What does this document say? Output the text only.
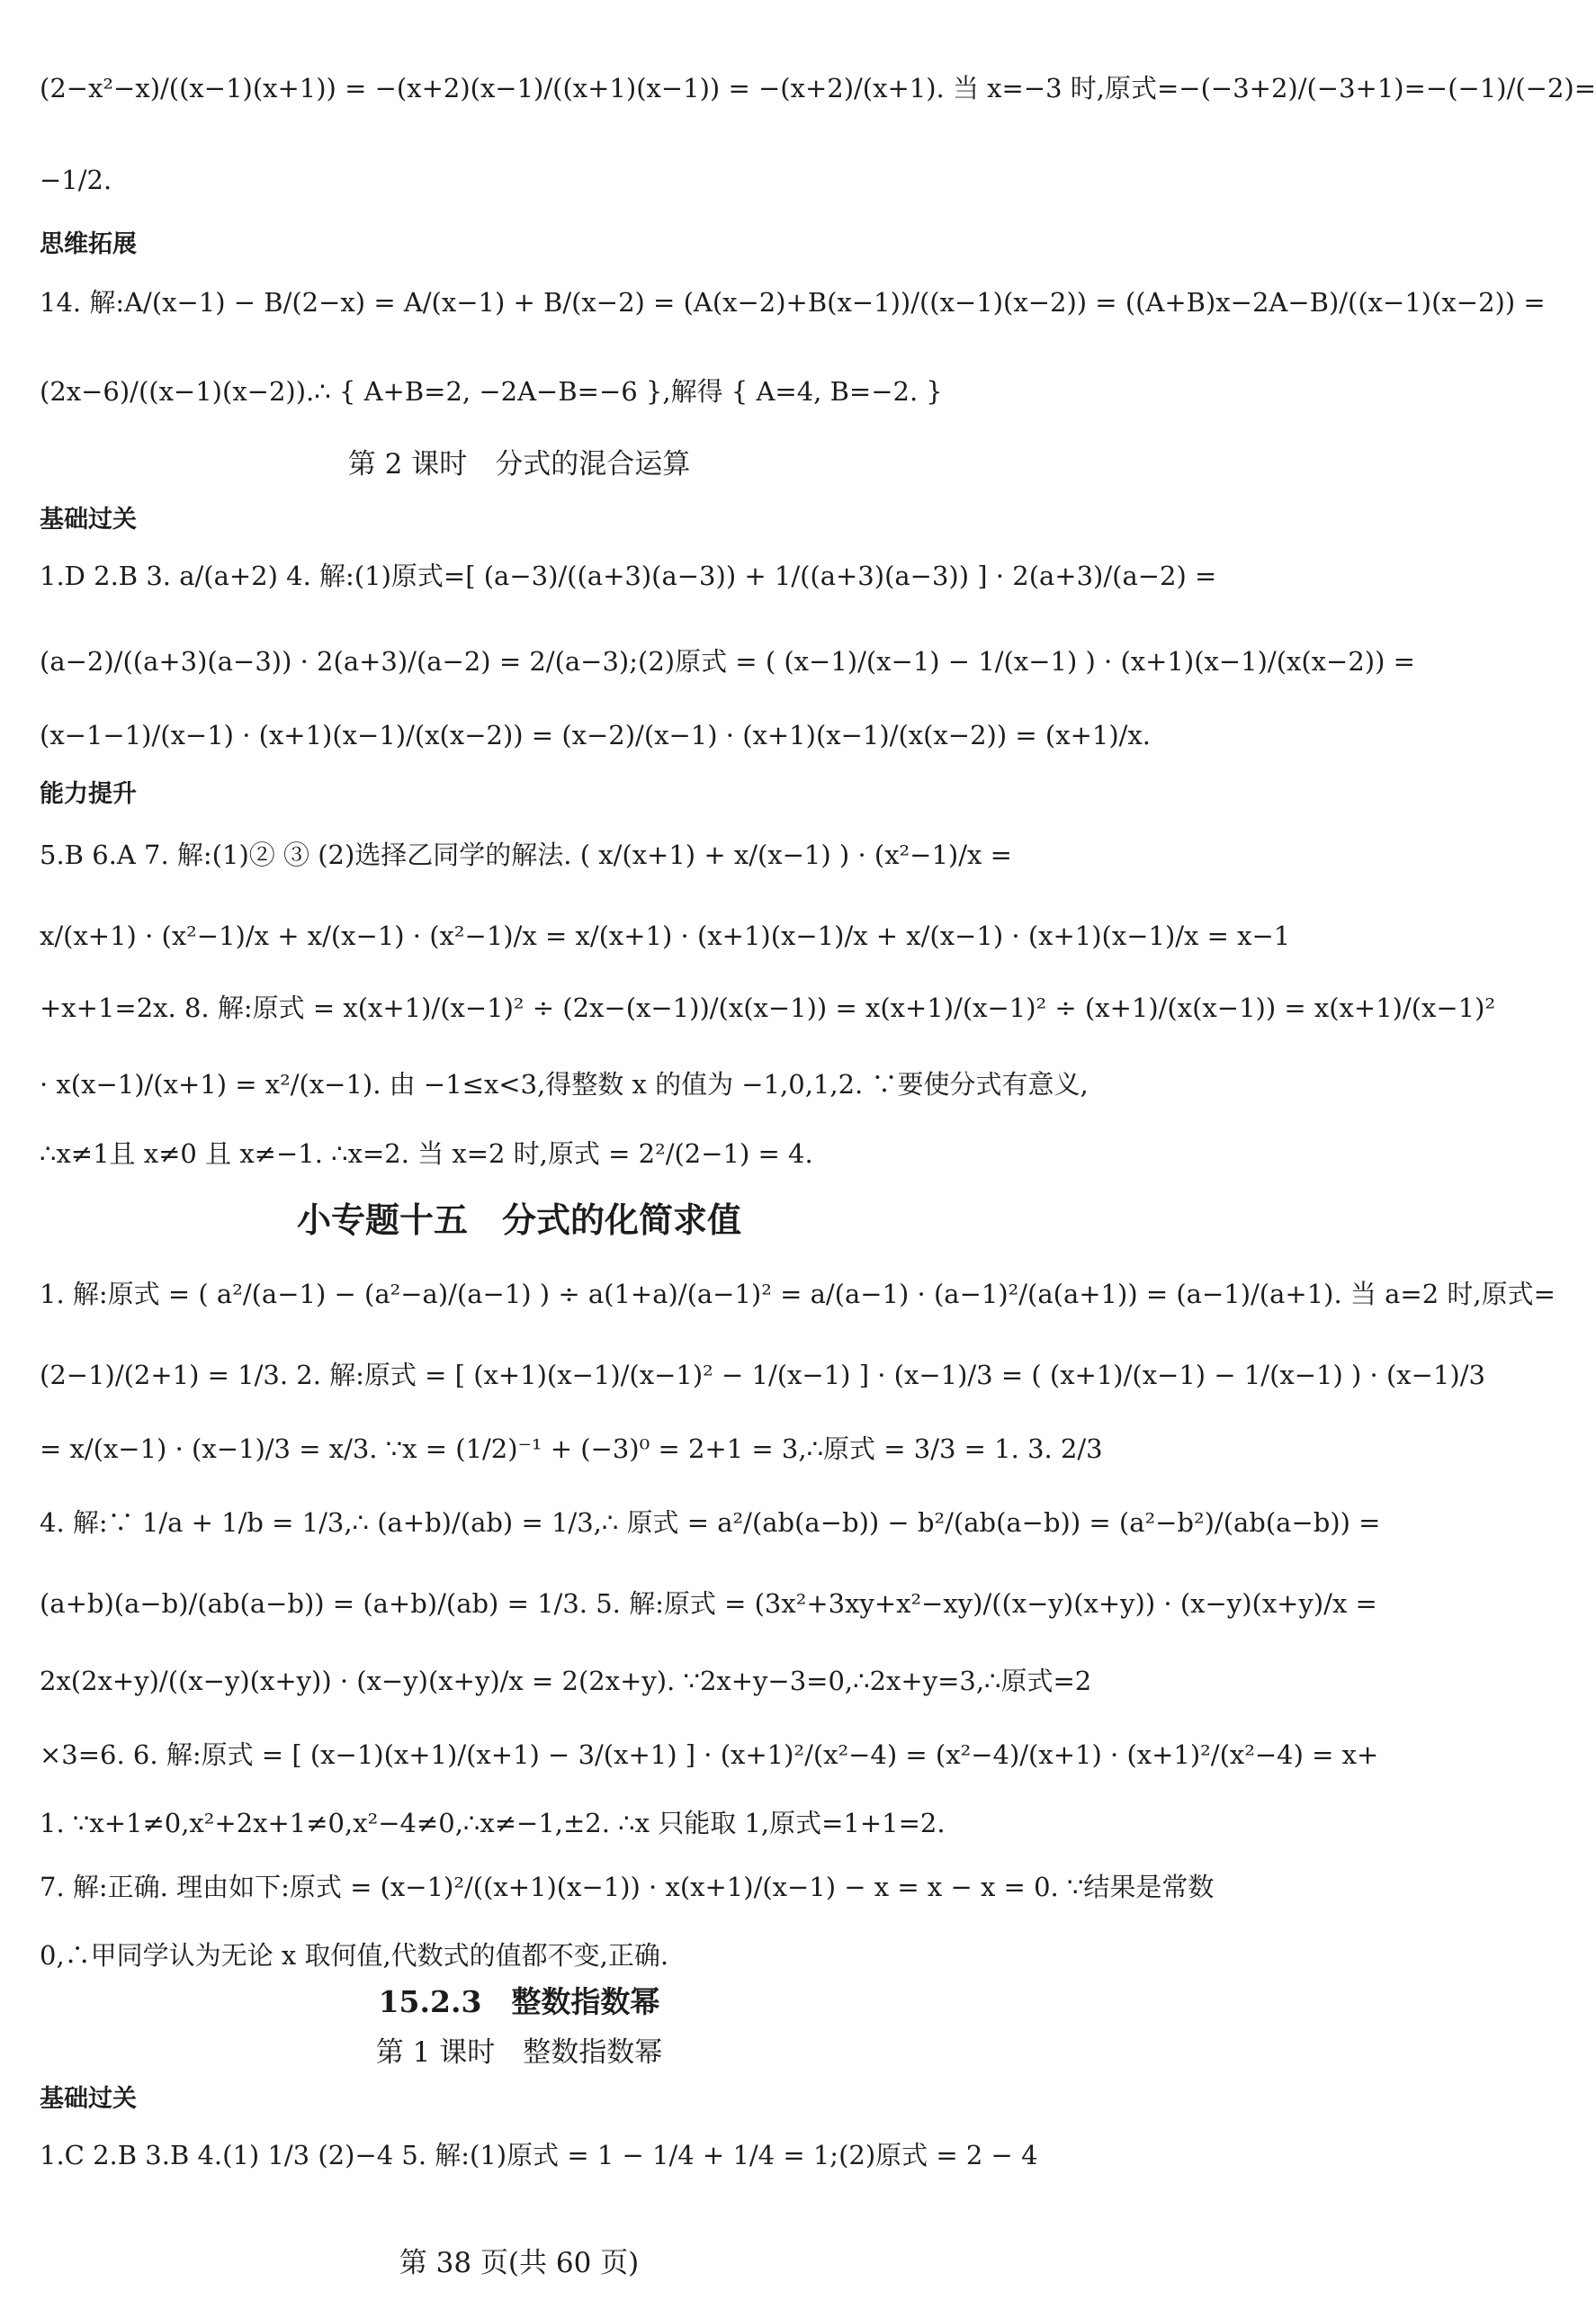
(2−x²−x)/((x−1)(x+1)) = −(x+2)(x−1)/((x+1)(x−1)) = −(x+2)/(x+1). 当 x=−3 时,原式=−(−3+2)/(−3+1)=−(−1)/(−2)=
−1/2.
思维拓展
14. 解:A/(x−1) − B/(2−x) = A/(x−1) + B/(x−2) = (A(x−2)+B(x−1))/((x−1)(x−2)) = ((A+B)x−2A−B)/((x−1)(x−2)) =
(2x−6)/((x−1)(x−2)).∴ { A+B=2, −2A−B=−6 },解得 { A=4, B=−2. }
第 2 课时　分式的混合运算
基础过关
1.D 2.B 3. a/(a+2) 4. 解:(1)原式=[ (a−3)/((a+3)(a−3)) + 1/((a+3)(a−3)) ] · 2(a+3)/(a−2) =
(a−2)/((a+3)(a−3)) · 2(a+3)/(a−2) = 2/(a−3);(2)原式 = ( (x−1)/(x−1) − 1/(x−1) ) · (x+1)(x−1)/(x(x−2)) =
(x−1−1)/(x−1) · (x+1)(x−1)/(x(x−2)) = (x−2)/(x−1) · (x+1)(x−1)/(x(x−2)) = (x+1)/x.
能力提升
5.B 6.A 7. 解:(1)② ③ (2)选择乙同学的解法. ( x/(x+1) + x/(x−1) ) · (x²−1)/x =
x/(x+1) · (x²−1)/x + x/(x−1) · (x²−1)/x = x/(x+1) · (x+1)(x−1)/x + x/(x−1) · (x+1)(x−1)/x = x−1
+x+1=2x. 8. 解:原式 = x(x+1)/(x−1)² ÷ (2x−(x−1))/(x(x−1)) = x(x+1)/(x−1)² ÷ (x+1)/(x(x−1)) = x(x+1)/(x−1)²
· x(x−1)/(x+1) = x²/(x−1). 由 −1≤x<3,得整数 x 的值为 −1,0,1,2. ∵要使分式有意义,
∴x≠1且 x≠0 且 x≠−1. ∴x=2. 当 x=2 时,原式 = 2²/(2−1) = 4.
小专题十五　分式的化简求值
1. 解:原式 = ( a²/(a−1) − (a²−a)/(a−1) ) ÷ a(1+a)/(a−1)² = a/(a−1) · (a−1)²/(a(a+1)) = (a−1)/(a+1). 当 a=2 时,原式=
(2−1)/(2+1) = 1/3. 2. 解:原式 = [ (x+1)(x−1)/(x−1)² − 1/(x−1) ] · (x−1)/3 = ( (x+1)/(x−1) − 1/(x−1) ) · (x−1)/3
= x/(x−1) · (x−1)/3 = x/3. ∵x = (1/2)⁻¹ + (−3)⁰ = 2+1 = 3,∴原式 = 3/3 = 1. 3. 2/3
4. 解:∵ 1/a + 1/b = 1/3,∴ (a+b)/(ab) = 1/3,∴ 原式 = a²/(ab(a−b)) − b²/(ab(a−b)) = (a²−b²)/(ab(a−b)) =
(a+b)(a−b)/(ab(a−b)) = (a+b)/(ab) = 1/3. 5. 解:原式 = (3x²+3xy+x²−xy)/((x−y)(x+y)) · (x−y)(x+y)/x =
2x(2x+y)/((x−y)(x+y)) · (x−y)(x+y)/x = 2(2x+y). ∵2x+y−3=0,∴2x+y=3,∴原式=2
×3=6. 6. 解:原式 = [ (x−1)(x+1)/(x+1) − 3/(x+1) ] · (x+1)²/(x²−4) = (x²−4)/(x+1) · (x+1)²/(x²−4) = x+
1. ∵x+1≠0,x²+2x+1≠0,x²−4≠0,∴x≠−1,±2. ∴x 只能取 1,原式=1+1=2.
7. 解:正确. 理由如下:原式 = (x−1)²/((x+1)(x−1)) · x(x+1)/(x−1) − x = x − x = 0. ∵结果是常数
0,∴甲同学认为无论 x 取何值,代数式的值都不变,正确.
15.2.3　整数指数幂
第 1 课时　整数指数幂
基础过关
1.C 2.B 3.B 4.(1) 1/3 (2)−4 5. 解:(1)原式 = 1 − 1/4 + 1/4 = 1;(2)原式 = 2 − 4
第 38 页(共 60 页)
